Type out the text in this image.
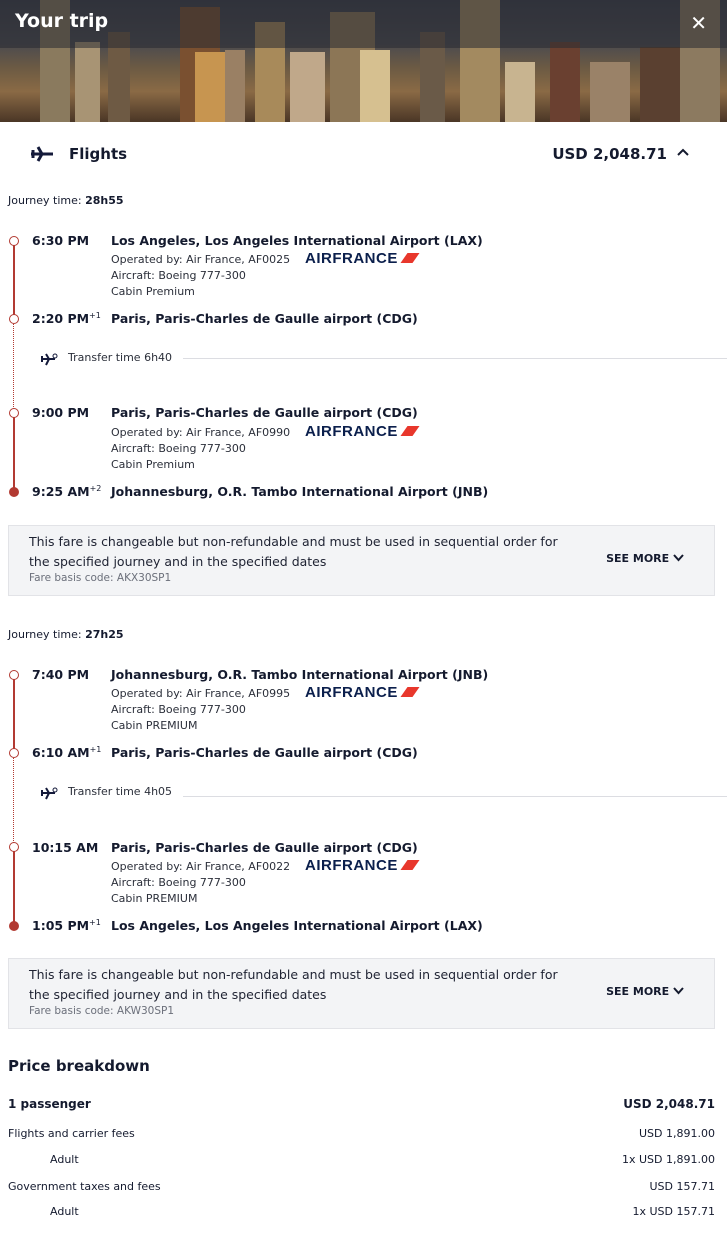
Your trip	✕
Flights	USD 2,048.71
Journey time: 28h55
6:30 PM Los Angeles, Los Angeles International Airport (LAX)
Operated by: Air France, AF0025 AIRFRANCE
Aircraft: Boeing 777-300
Cabin Premium
2:20 $PM^{+1}$ Paris, Paris-Charles de Gaulle airport (CDG)
Transfer time 6h40
9:00 PM Paris, Paris-Charles de Gaulle airport (CDG)
Operated by: Air France, AF0990 AIRFRANCE
Aircraft: Boeing 777-300
Cabin Premium
9:25 $AM^{+2}$ Johannesburg, O.R. Tambo International Airport (JNB)
This fare is changeable but non-refundable and must be used in sequential order for the specified journey and in the specified dates
Fare basis code: AKX30SP1
SEE MORE
Journey time: 27h25
7:40 PM Johannesburg, O.R. Tambo International Airport (JNB)
Operated by: Air France, AF0995 AIRFRANCE
Aircraft: Boeing 777-300
Cabin PREMIUM
6:10 $AM^{+1}$ Paris, Paris-Charles de Gaulle airport (CDG)
Transfer time 4h05
10:15 AM Paris, Paris-Charles de Gaulle airport (CDG)
Operated by: Air France, AF0022 AIRFRANCE
Aircraft: Boeing 777-300
Cabin PREMIUM
1:05 $PM^{+1}$ Los Angeles, Los Angeles International Airport (LAX)
This fare is changeable but non-refundable and must be used in sequential order for the specified journey and in the specified dates
Fare basis code: AKW30SP1
SEE MORE
Price breakdown
1 passenger	USD 2,048.71
Flights and carrier fees	USD 1,891.00
Adult	1x USD 1,891.00
Government taxes and fees	USD 157.71
Adult	1x USD 157.71
